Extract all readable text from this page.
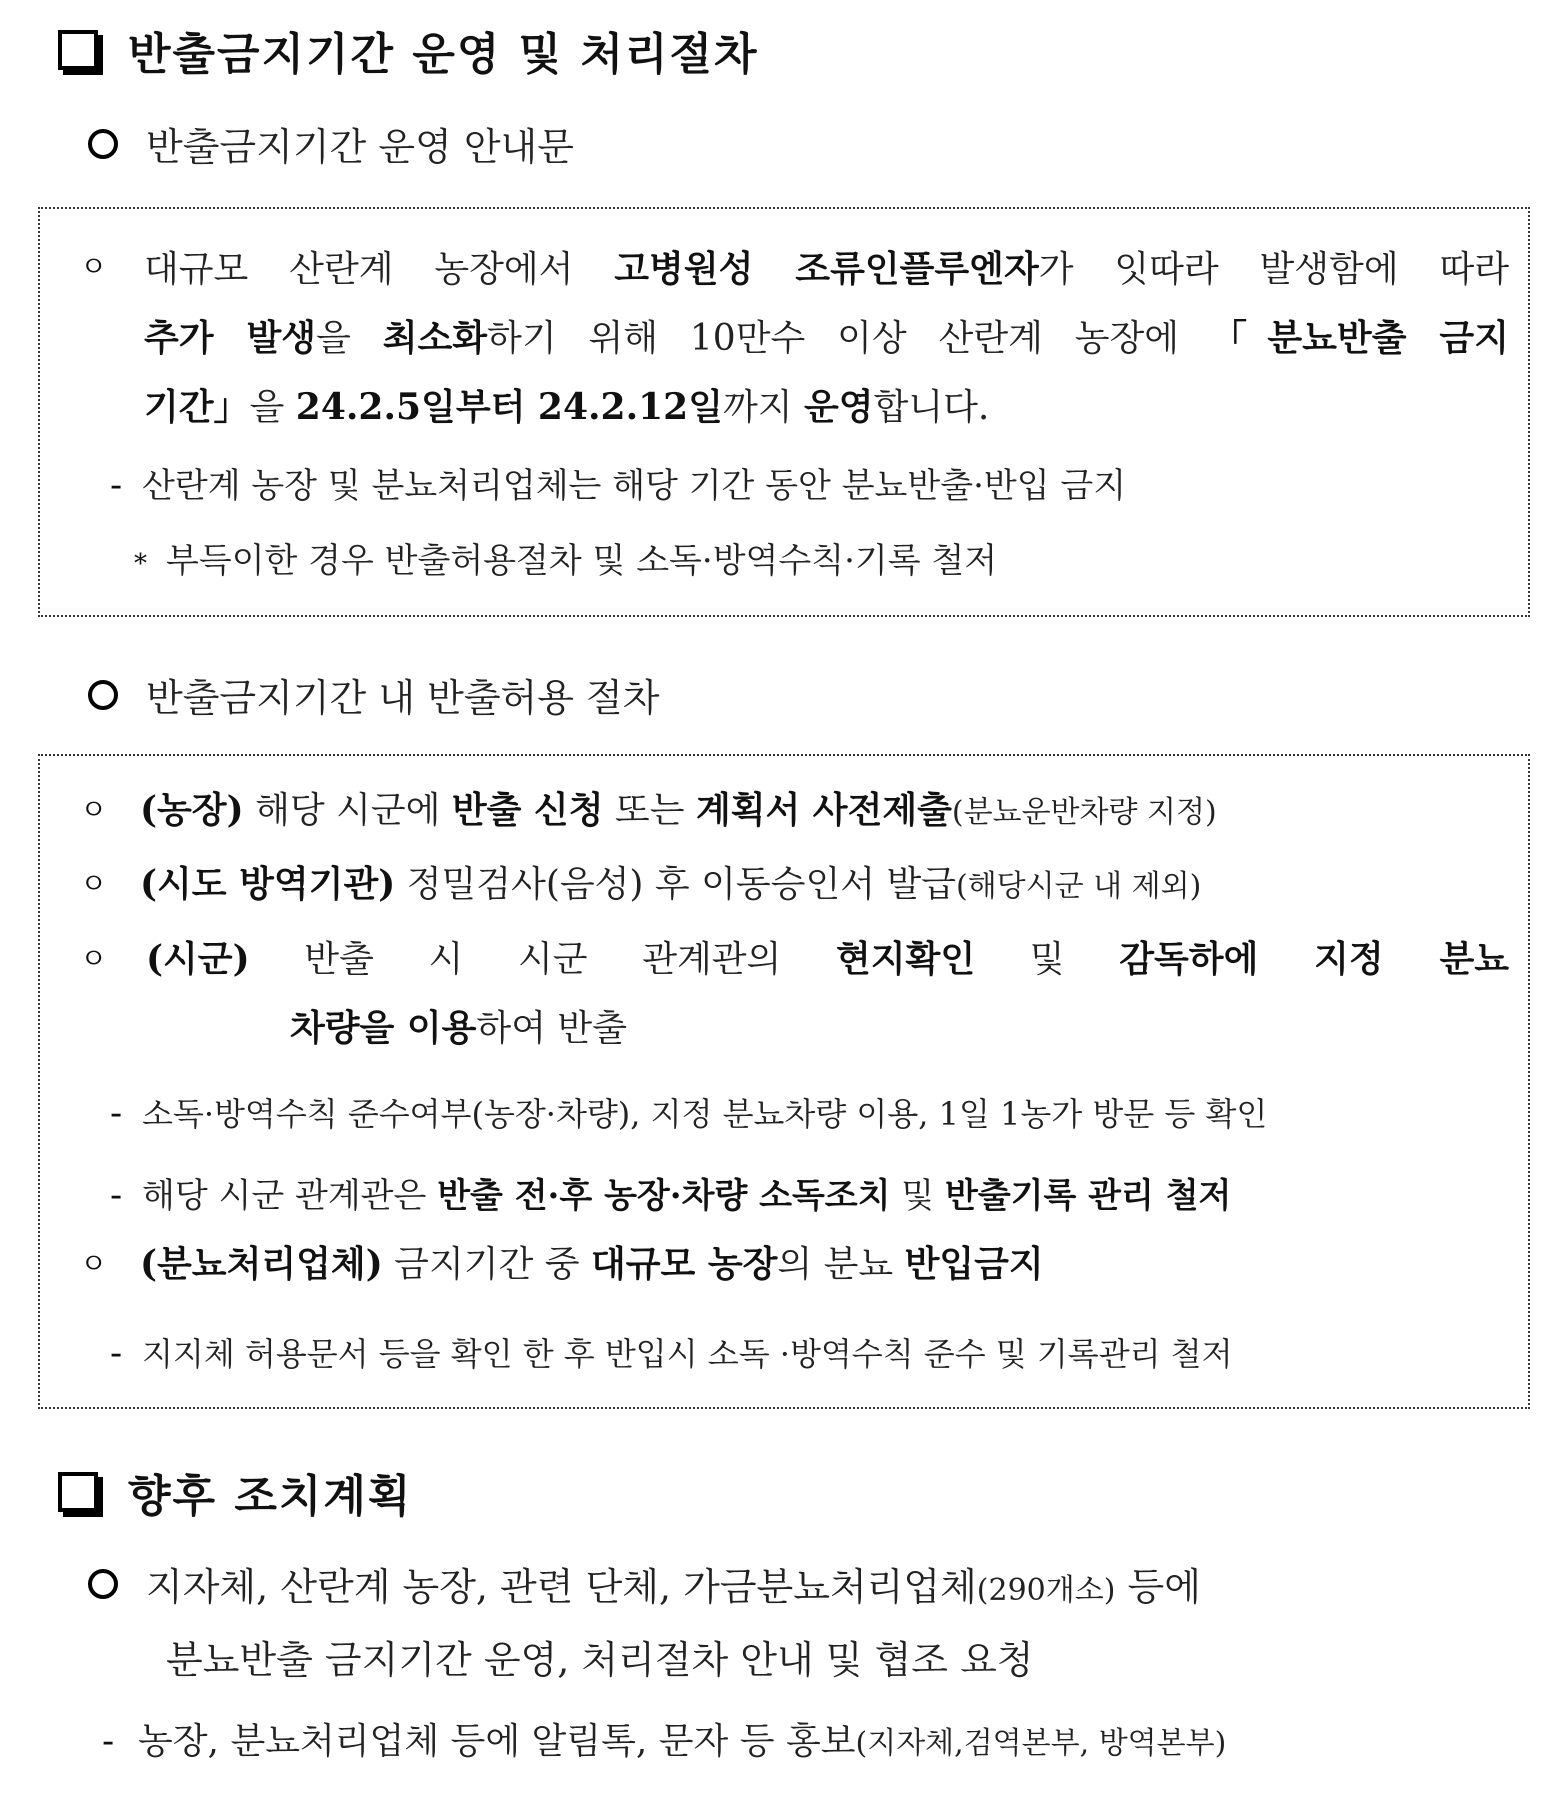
반출금지기간 운영 및 처리절차
반출금지기간 운영 안내문
ㅇ 대규모 산란계 농장에서 고병원성 조류인플루엔자가 잇따라 발생함에 따라
추가 발생을 최소화하기 위해 10만수 이상 산란계 농장에 「분뇨반출 금지
기간」을 24.2.5일부터 24.2.12일까지 운영합니다.
- 산란계 농장 및 분뇨처리업체는 해당 기간 동안 분뇨반출·반입 금지
* 부득이한 경우 반출허용절차 및 소독·방역수칙·기록 철저
반출금지기간 내 반출허용 절차
ㅇ (농장) 해당 시군에 반출 신청 또는 계획서 사전제출(분뇨운반차량 지정)
ㅇ (시도 방역기관) 정밀검사(음성) 후 이동승인서 발급(해당시군 내 제외)
ㅇ (시군) 반출 시 시군 관계관의 현지확인 및 감독하에 지정 분뇨
차량을 이용하여 반출
- 소독·방역수칙 준수여부(농장·차량), 지정 분뇨차량 이용, 1일 1농가 방문 등 확인
- 해당 시군 관계관은 반출 전·후 농장·차량 소독조치 및 반출기록 관리 철저
ㅇ (분뇨처리업체) 금지기간 중 대규모 농장의 분뇨 반입금지
- 지지체 허용문서 등을 확인 한 후 반입시 소독 ·방역수칙 준수 및 기록관리 철저
향후 조치계획
지자체, 산란계 농장, 관련 단체, 가금분뇨처리업체(290개소) 등에
분뇨반출 금지기간 운영, 처리절차 안내 및 협조 요청
- 농장, 분뇨처리업체 등에 알림톡, 문자 등 홍보(지자체,검역본부, 방역본부)
